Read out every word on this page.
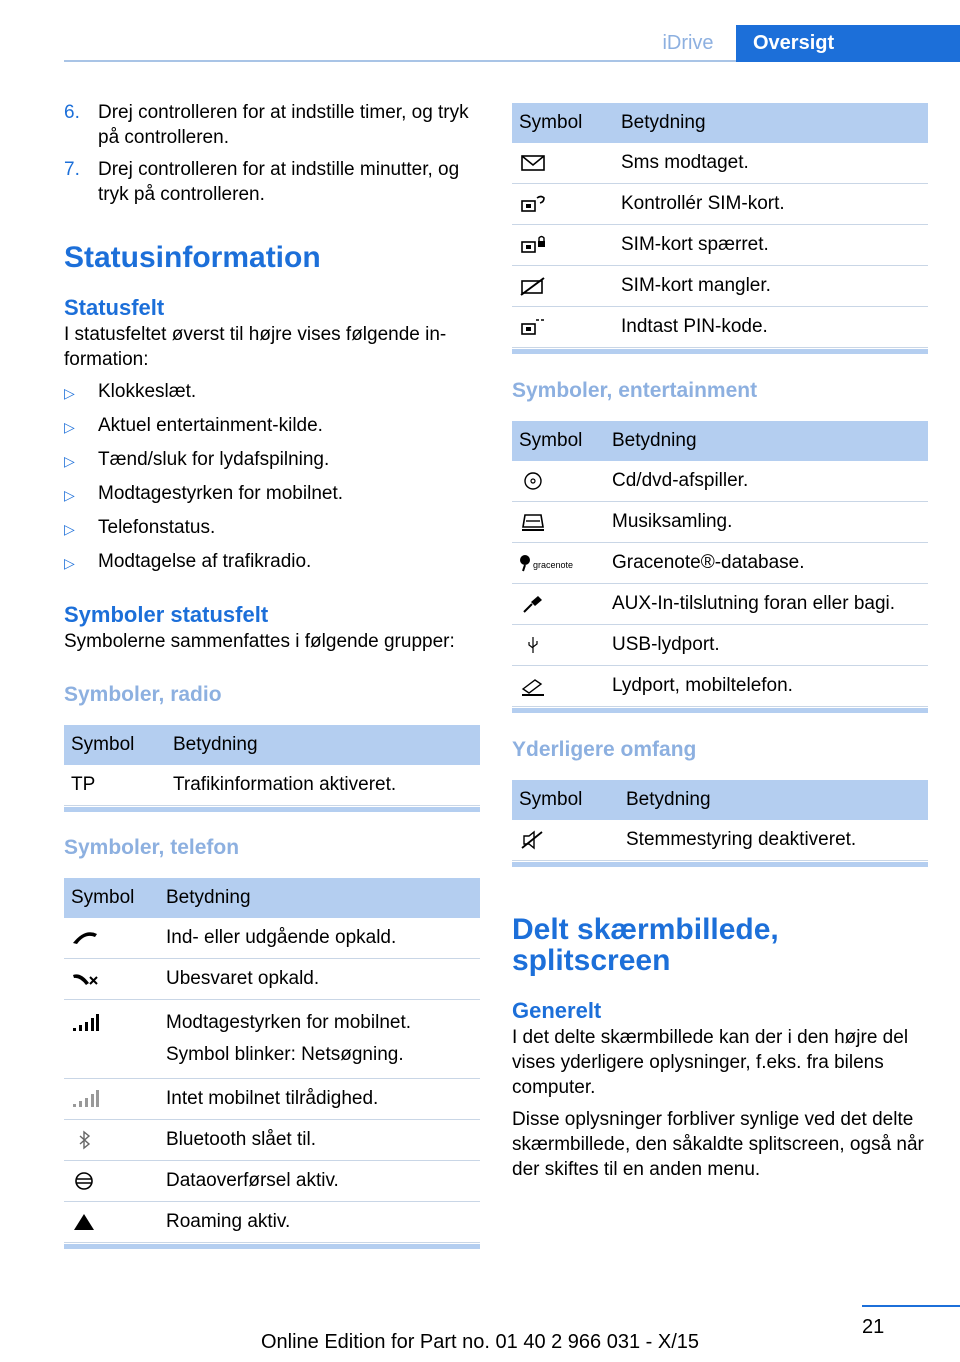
iDrive	Oversigt
6. Drej controlleren for at indstille timer, og tryk på controlleren.
7. Drej controlleren for at indstille minutter, og tryk på controlleren.
Statusinformation
Statusfelt

I statusfeltet øverst til højre vises følgende information:

▷	Klokkeslæt.
▷	Aktuel entertainment-kilde.
▷	Tænd/sluk for lydafspilning.
▷	Modtagestyrken for mobilnet.
▷	Telefonstatus.
▷	Modtagelse af trafikradio.
Symboler statusfelt

Symbolerne sammenfattes i følgende grupper:

Symboler, radio
Symbol	Betydning
TP	Trafikinformation aktiveret.
Symboler, telefon
Symbol	Betydning
	Ind- eller udgående opkald.
	Ubesvaret opkald.

Modtagestyrken for mobilnet.
Symbol blinker: Netsøgning.

	Intet mobilnet tilrådighed.
	Bluetooth slået til.
	Dataoverførsel aktiv.
	Roaming aktiv.
Symbol	Betydning
	Sms modtaget.
	Kontrollér SIM-kort.
	SIM-kort spærret.
	SIM-kort mangler.
	Indtast PIN-kode.
Symboler, entertainment
Symbol	Betydning
	Cd/dvd-afspiller.
	Musiksamling.

gracenote	Gracenote®-database.
	AUX-In-tilslutning foran eller bagi.
	USB-lydport.
	Lydport, mobiltelefon.
Yderligere omfang
Symbol	Betydning
	Stemmestyring deaktiveret.
Delt skærmbillede, splitscreen
Generelt

I det delte skærmbillede kan der i den højre del vises yderligere oplysninger, f.eks. fra bilens computer.

Disse oplysninger forbliver synlige ved det delte skærmbillede, den såkaldte splitscreen, også når der skiftes til en anden menu.

21
Online Edition for Part no. 01 40 2 966 031 - X/15
